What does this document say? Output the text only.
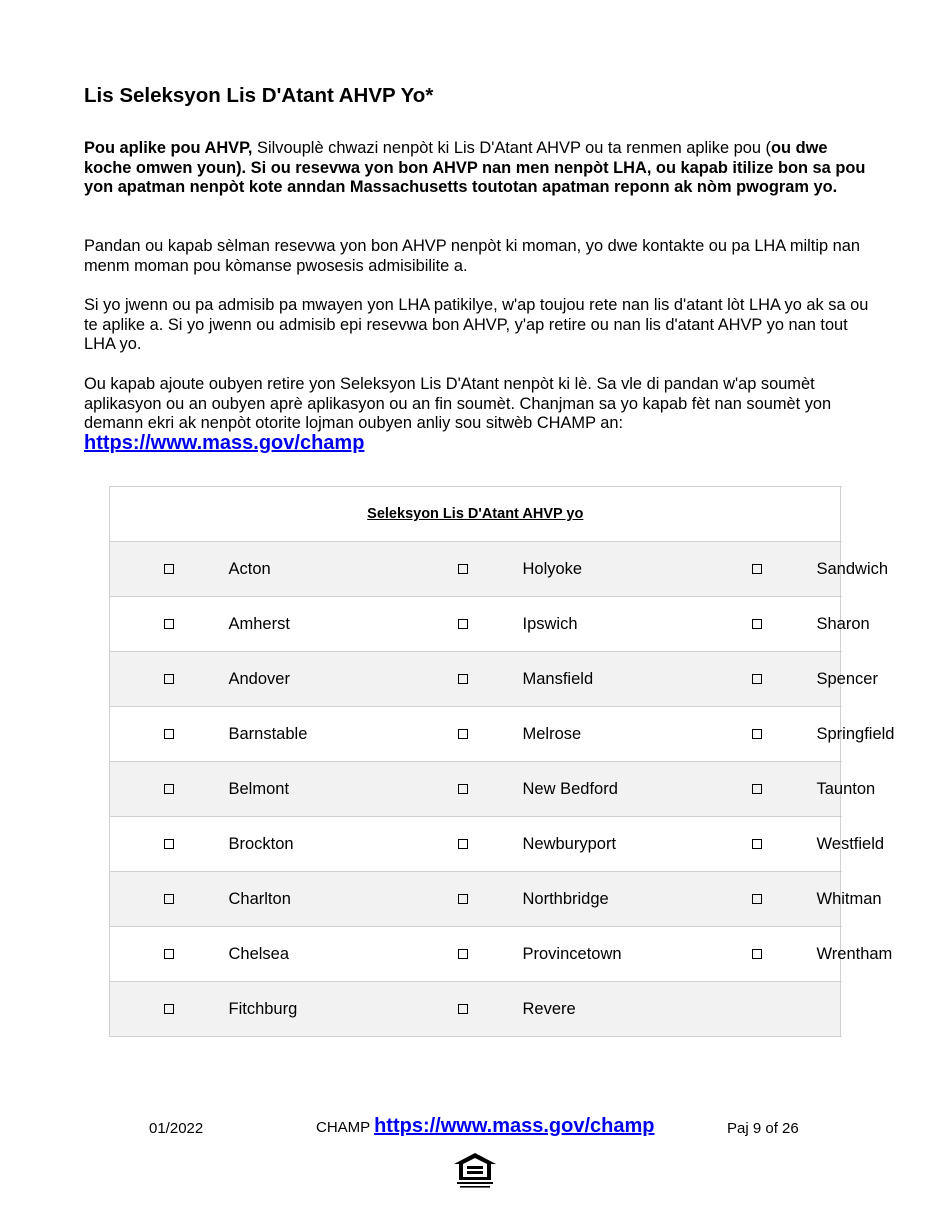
Lis Seleksyon Lis D'Atant AHVP Yo*

Pou aplike pou AHVP, Silvouplè chwazi nenpòt ki Lis D'Atant AHVP ou ta renmen aplike pou (ou dwe koche omwen youn). Si ou resevwa yon bon AHVP nan men nenpòt LHA, ou kapab itilize bon sa pou yon apatman nenpòt kote anndan Massachusetts toutotan apatman reponn ak nòm pwogram yo.

Pandan ou kapab sèlman resevwa yon bon AHVP nenpòt ki moman, yo dwe kontakte ou pa LHA miltip nan menm moman pou kòmanse pwosesis admisibilite a.

Si yo jwenn ou pa admisib pa mwayen yon LHA patikilye, w'ap toujou rete nan lis d'atant lòt LHA yo ak sa ou te aplike a. Si yo jwenn ou admisib epi resevwa bon AHVP, y'ap retire ou nan lis d'atant AHVP yo nan tout LHA yo.

Ou kapab ajoute oubyen retire yon Seleksyon Lis D'Atant nenpòt ki lè. Sa vle di pandan w'ap soumèt aplikasyon ou an oubyen aprè aplikasyon ou an fin soumèt. Chanjman sa yo kapab fèt nan soumèt yon demann ekri ak nenpòt otorite lojman oubyen anliy sou sitwèb CHAMP an:

https://www.mass.gov/champ
Seleksyon Lis D'Atant AHVP yo					
	Acton		Holyoke		Sandwich
	Amherst		Ipswich		Sharon
	Andover		Mansfield		Spencer
	Barnstable		Melrose		Springfield
	Belmont		New Bedford		Taunton
	Brockton		Newburyport		Westfield
	Charlton		Northbridge		Whitman
	Chelsea		Provincetown		Wrentham
	Fitchburg		Revere		
01/2022	CHAMP https://www.mass.gov/champ	Paj 9 of 26
